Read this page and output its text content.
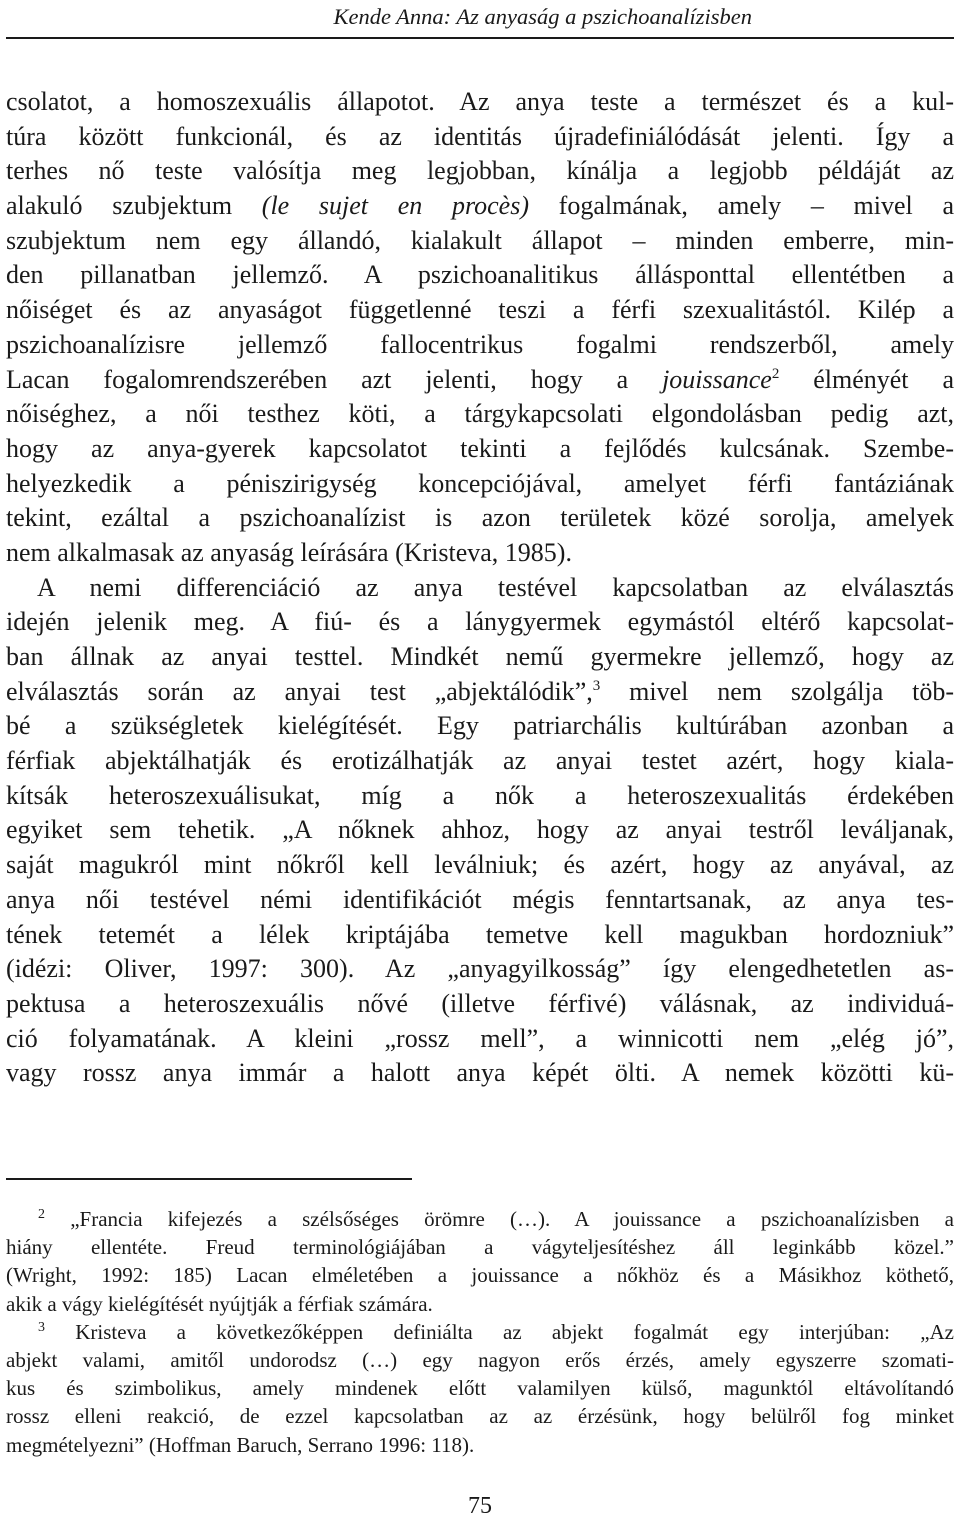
Kende Anna: Az anyaság a pszichoanalízisben
csolatot, a homoszexuális állapotot. Az anya teste a természet és a kul-
túra között funkcionál, és az identitás újradefiniálódását jelenti. Így a
terhes nő teste valósítja meg legjobban, kínálja a legjobb példáját az
alakuló szubjektum (le sujet en procès) fogalmának, amely – mivel a
szubjektum nem egy állandó, kialakult állapot – minden emberre, min-
den pillanatban jellemző. A pszichoanalitikus állásponttal ellentétben a
nőiséget és az anyaságot függetlenné teszi a férfi szexualitástól. Kilép a
pszichoanalízisre jellemző fallocentrikus fogalmi rendszerből, amely
Lacan fogalomrendszerében azt jelenti, hogy a jouissance$^2$ élményét a
nőiséghez, a női testhez köti, a tárgykapcsolati elgondolásban pedig azt,
hogy az anya-gyerek kapcsolatot tekinti a fejlődés kulcsának. Szembe-
helyezkedik a péniszirigység koncepciójával, amelyet férfi fantáziának
tekint, ezáltal a pszichoanalízist is azon területek közé sorolja, amelyek
nem alkalmasak az anyaság leírására (Kristeva, 1985).
A nemi differenciáció az anya testével kapcsolatban az elválasztás
idején jelenik meg. A fiú- és a lánygyermek egymástól eltérő kapcsolat-
ban állnak az anyai testtel. Mindkét nemű gyermekre jellemző, hogy az
elválasztás során az anyai test „abjektálódik”,$^3$ mivel nem szolgálja töb-
bé a szükségletek kielégítését. Egy patriarchális kultúrában azonban a
férfiak abjektálhatják és erotizálhatják az anyai testet azért, hogy kiala-
kítsák heteroszexuálisukat, míg a nők a heteroszexualitás érdekében
egyiket sem tehetik. „A nőknek ahhoz, hogy az anyai testről leváljanak,
saját magukról mint nőkről kell leválniuk; és azért, hogy az anyával, az
anya női testével némi identifikációt mégis fenntartsanak, az anya tes-
tének tetemét a lélek kriptájába temetve kell magukban hordozniuk”
(idézi: Oliver, 1997: 300). Az „anyagyilkosság” így elengedhetetlen as-
pektusa a heteroszexuális nővé (illetve férfivé) válásnak, az individuá-
ció folyamatának. A kleini „rossz mell”, a winnicotti nem „elég jó”,
vagy rossz anya immár a halott anya képét ölti. A nemek közötti kü-
$^2$ „Francia kifejezés a szélsőséges örömre (…). A jouissance a pszichoanalízisben a
hiány ellentéte. Freud terminológiájában a vágyteljesítéshez áll leginkább közel.”
(Wright, 1992: 185) Lacan elméletében a jouissance a nőkhöz és a Másikhoz köthető,
akik a vágy kielégítését nyújtják a férfiak számára.
$^3$ Kristeva a következőképpen definiálta az abjekt fogalmát egy interjúban: „Az
abjekt valami, amitől undorodsz (…) egy nagyon erős érzés, amely egyszerre szomati-
kus és szimbolikus, amely mindenek előtt valamilyen külső, magunktól eltávolítandó
rossz elleni reakció, de ezzel kapcsolatban az az érzésünk, hogy belülről fog minket
megmételyezni” (Hoffman Baruch, Serrano 1996: 118).
75
